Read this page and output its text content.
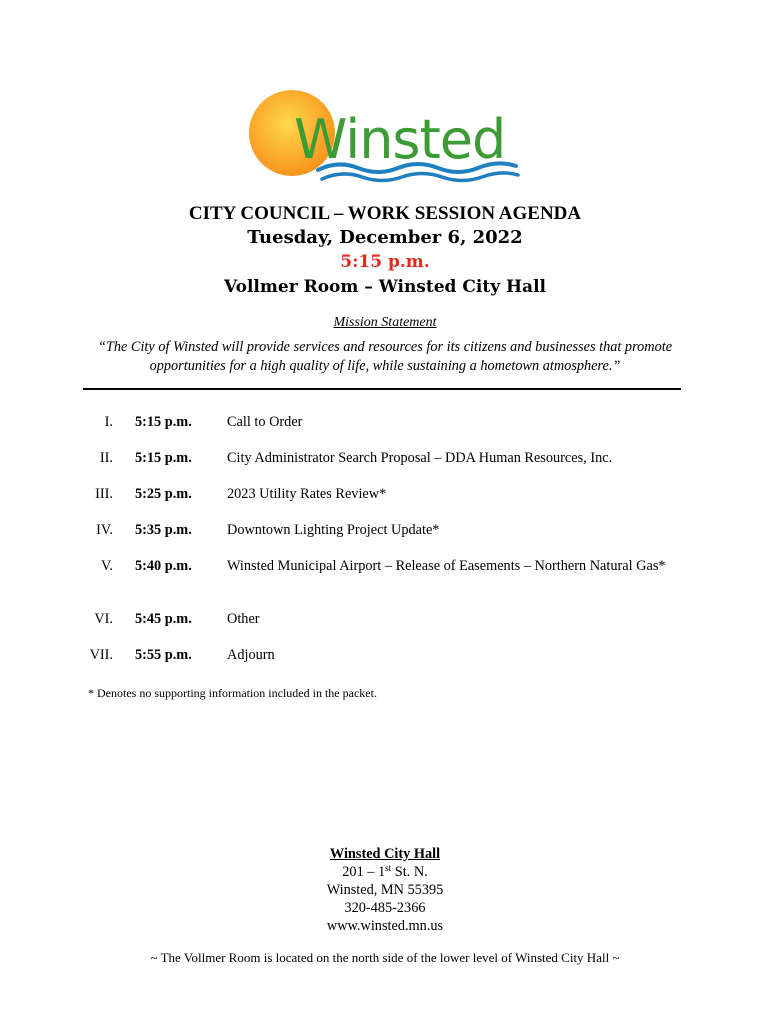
Winsted
CITY COUNCIL – WORK SESSION AGENDA
Tuesday, December 6, 2022
5:15 p.m.
Vollmer Room – Winsted City Hall
Mission Statement
“The City of Winsted will provide services and resources for its citizens and businesses that promote opportunities for a high quality of life, while sustaining a hometown atmosphere.”
I. 5:15 p.m. Call to Order
II. 5:15 p.m. City Administrator Search Proposal – DDA Human Resources, Inc.
III. 5:25 p.m. 2023 Utility Rates Review*
IV. 5:35 p.m. Downtown Lighting Project Update*
V. 5:40 p.m. Winsted Municipal Airport – Release of Easements – Northern Natural Gas*
VI. 5:45 p.m. Other
VII. 5:55 p.m. Adjourn
* Denotes no supporting information included in the packet.
Winsted City Hall
201 – 1st St. N.
Winsted, MN 55395
320-485-2366
www.winsted.mn.us
~ The Vollmer Room is located on the north side of the lower level of Winsted City Hall ~
